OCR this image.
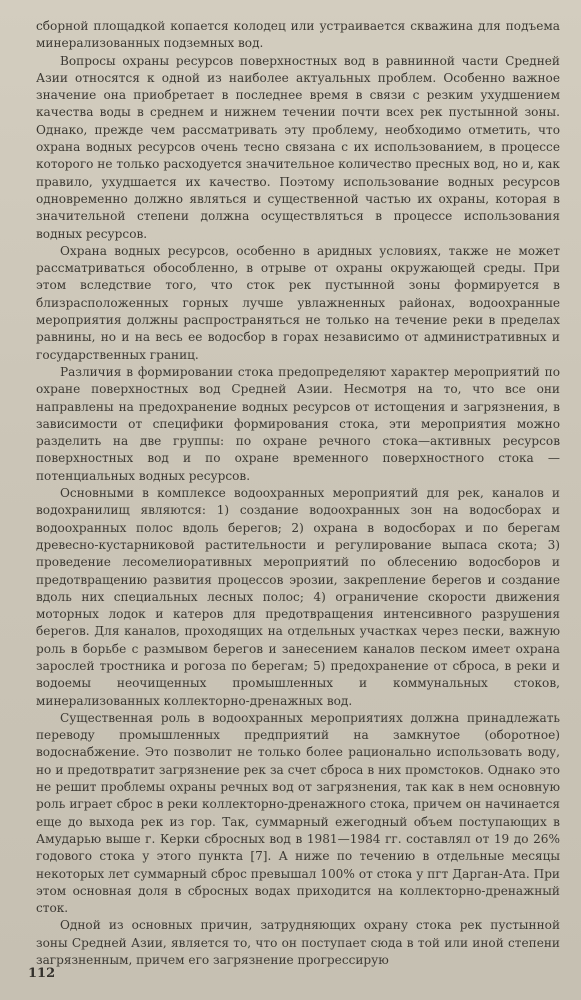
сборной площадкой копается колодец или устраивается скважина для подъема минерализованных подземных вод.

Вопросы охраны ресурсов поверхностных вод в равнинной части Средней Азии относятся к одной из наиболее актуальных проблем. Особенно важное значение она приобретает в последнее время в связи с резким ухудшением качества воды в среднем и нижнем течении почти всех рек пустынной зоны. Однако, прежде чем рассматривать эту проблему, необходимо отметить, что охрана водных ресурсов очень тесно связана с их использованием, в процессе которого не только расходуется значительное количество пресных вод, но и, как правило, ухудшается их качество. Поэтому использование водных ресурсов одновременно должно являться и существенной частью их охраны, которая в значительной степени должна осуществляться в процессе использования водных ресурсов.

Охрана водных ресурсов, особенно в аридных условиях, также не может рассматриваться обособленно, в отрыве от охраны окружающей среды. При этом вследствие того, что сток рек пустынной зоны формируется в близрасположенных горных лучше увлажненных районах, водоохранные мероприятия должны распространяться не только на течение реки в пределах равнины, но и на весь ее водосбор в горах независимо от административных и государственных границ.

Различия в формировании стока предопределяют характер мероприятий по охране поверхностных вод Средней Азии. Несмотря на то, что все они направлены на предохранение водных ресурсов от истощения и загрязнения, в зависимости от специфики формирования стока, эти мероприятия можно разделить на две группы: по охране речного стока—активных ресурсов поверхностных вод и по охране временного поверхностного стока — потенциальных водных ресурсов.

Основными в комплексе водоохранных мероприятий для рек, каналов и водохранилищ являются: 1) создание водоохранных зон на водосборах и водоохранных полос вдоль берегов; 2) охрана в водосборах и по берегам древесно-кустарниковой растительности и регулирование выпаса скота; 3) проведение лесомелиоративных мероприятий по облесению водосборов и предотвращению развития процессов эрозии, закрепление берегов и создание вдоль них специальных лесных полос; 4) ограничение скорости движения моторных лодок и катеров для предотвращения интенсивного разрушения берегов. Для каналов, проходящих на отдельных участках через пески, важную роль в борьбе с размывом берегов и занесением каналов песком имеет охрана зарослей тростника и рогоза по берегам; 5) предохранение от сброса, в реки и водоемы неочищенных промышленных и коммунальных стоков, минерализованных коллекторно-дренажных вод.

Существенная роль в водоохранных мероприятиях должна принадлежать переводу промышленных предприятий на замкнутое (оборотное) водоснабжение. Это позволит не только более рационально использовать воду, но и предотвратит загрязнение рек за счет сброса в них промстоков. Однако это не решит проблемы охраны речных вод от загрязнения, так как в нем основную роль играет сброс в реки коллекторно-дренажного стока, причем он начинается еще до выхода рек из гор. Так, суммарный ежегодный объем поступающих в Амударью выше г. Керки сбросных вод в 1981—1984 гг. составлял от 19 до 26% годового стока у этого пункта [7]. А ниже по течению в отдельные месяцы некоторых лет суммарный сброс превышал 100% от стока у пгт Дарган-Ата. При этом основная доля в сбросных водах приходится на коллекторно-дренажный сток.

Одной из основных причин, затрудняющих охрану стока рек пустынной зоны Средней Азии, является то, что он поступает сюда в той или иной степени загрязненным, причем его загрязнение прогрессирую

112
